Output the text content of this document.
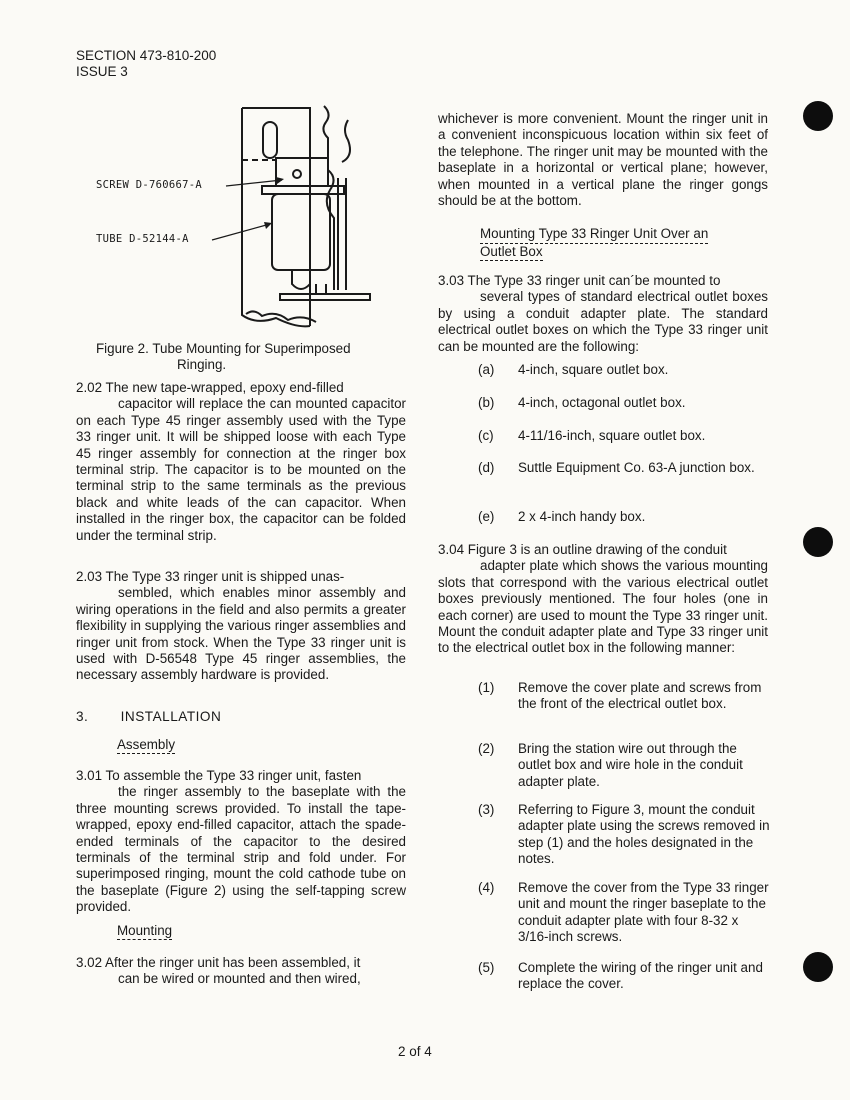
SECTION 473-810-200
ISSUE 3
SCREW D-760667-A
TUBE D-52144-A
Figure 2. Tube Mounting for Superimposed
Ringing.
2.02 The new tape-wrapped, epoxy end-filled
capacitor will replace the can mounted capacitor on each Type 45 ringer assembly used with the Type 33 ringer unit. It will be shipped loose with each Type 45 ringer assembly for connection at the ringer box terminal strip. The capacitor is to be mounted on the terminal strip to the same terminals as the previous black and white leads of the can capacitor. When installed in the ringer box, the capacitor can be folded under the terminal strip.
2.03 The Type 33 ringer unit is shipped unas-
sembled, which enables minor assembly and wiring operations in the field and also permits a greater flexibility in supplying the various ringer assemblies and ringer unit from stock. When the Type 33 ringer unit is used with D-56548 Type 45 ringer assemblies, the necessary assembly hardware is provided.
3. INSTALLATION
Assembly
3.01 To assemble the Type 33 ringer unit, fasten
the ringer assembly to the baseplate with the three mounting screws provided. To install the tape-wrapped, epoxy end-filled capacitor, attach the spade-ended terminals of the capacitor to the desired terminals of the terminal strip and fold under. For superimposed ringing, mount the cold cathode tube on the baseplate (Figure 2) using the self-tapping screw provided.
Mounting
3.02 After the ringer unit has been assembled, it
can be wired or mounted and then wired,
whichever is more convenient. Mount the ringer unit in a convenient inconspicuous location within six feet of the telephone. The ringer unit may be mounted with the baseplate in a horizontal or vertical plane; however, when mounted in a vertical plane the ringer gongs should be at the bottom.
Mounting Type 33 Ringer Unit Over an
Outlet Box
3.03 The Type 33 ringer unit can´be mounted to
several types of standard electrical outlet boxes by using a conduit adapter plate. The standard electrical outlet boxes on which the Type 33 ringer unit can be mounted are the following:
(a)	4-inch, square outlet box.
(b)	4-inch, octagonal outlet box.
(c)	4-11/16-inch, square outlet box.
(d)	Suttle Equipment Co. 63-A junction box.
(e)	2 x 4-inch handy box.
3.04 Figure 3 is an outline drawing of the conduit
adapter plate which shows the various mounting slots that correspond with the various electrical outlet boxes previously mentioned. The four holes (one in each corner) are used to mount the Type 33 ringer unit. Mount the conduit adapter plate and Type 33 ringer unit to the electrical outlet box in the following manner:
(1)	Remove the cover plate and screws from the front of the electrical outlet box.
(2)	Bring the station wire out through the outlet box and wire hole in the conduit adapter plate.
(3)	Referring to Figure 3, mount the conduit adapter plate using the screws removed in step (1) and the holes designated in the notes.
(4)	Remove the cover from the Type 33 ringer unit and mount the ringer baseplate to the conduit adapter plate with four 8-32 x 3/16-inch screws.
(5)	Complete the wiring of the ringer unit and replace the cover.
2 of 4
